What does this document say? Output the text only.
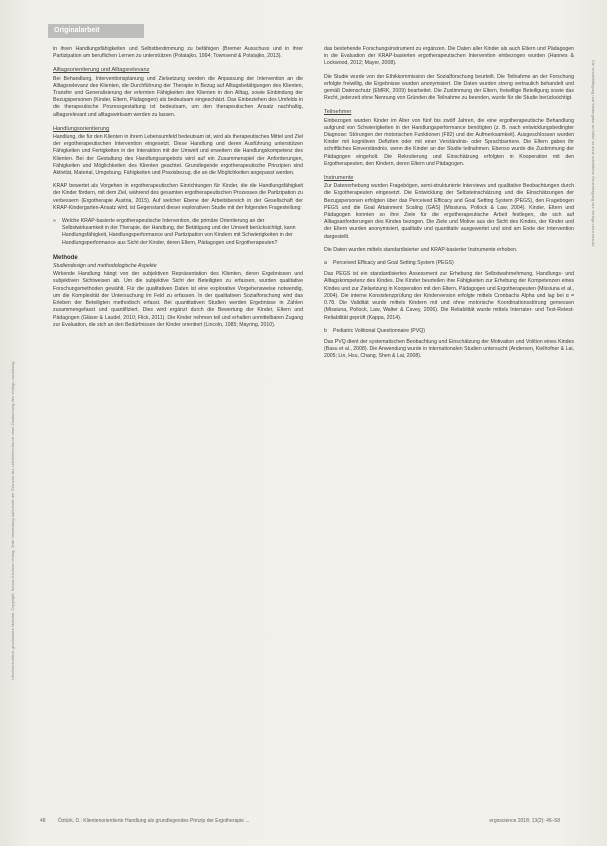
Originalarbeit
Urheberrechtlich geschütztes Material. Copyright: Schulz-Kirchner Verlag. Jede Verwertung außerhalb der Grenzen des Urheberrechts ist ohne Zustimmung des Verlags unzulässig.
Die Vervielfältigung und Weitergabe an Dritte ist ohne schriftliche Genehmigung des Verlags nicht erlaubt.

in ihren Handlungsfähigkeiten und Selbstbestimmung zu befähigen (Bremer Ausschuss und in ihrer Partizipation am beruflichen Lernen zu unterstützen (Polatajko, 1994; Townsend & Polatajko, 2013).

Alltagsorientierung und Alltagsrelevanz

Bei Behandlung, Interventionsplanung und Zielsetzung werden die Anpassung der Intervention an die Alltagsrelevanz des Klienten, die Durchführung der Therapie in Bezug auf Alltagsbetätigungen des Klienten, Transfer und Generalisierung der erlernten Fähigkeiten des Klienten in den Alltag, sowie Einbindung der Bezugspersonen (Kinder, Eltern, Pädagogen) als bedeutsam eingeschätzt. Das Einbeziehen des Umfelds in die therapeutische Prozessgestaltung ist bedeutsam, um den therapeutischen Ansatz nachhaltig, alltagsrelevant und alltagswirksam werden zu lassen.

Handlungsorientierung

Handlung, die für den Klienten in ihrem Lebensumfeld bedeutsam ist, wird als therapeutisches Mittel und Ziel der ergotherapeutischen Intervention eingesetzt. Diese Handlung und deren Ausführung unterstützen Fähigkeiten und Fertigkeiten in der Interaktion mit der Umwelt und erweitern die Handlungskompetenz des Klienten. Bei der Gestaltung des Handlungsangebots wird auf ein Zusammenspiel der Anforderungen, Fähigkeiten und Möglichkeiten des Klienten geachtet. Grundlegende ergotherapeutische Prinzipien sind Aktivität, Material, Umgebung, Fähigkeiten und Praxisbezug, die an die Möglichkeiten angepasst werden.

KRAP bewertet als Vorgehen in ergotherapeutischen Einrichtungen für Kinder, die die Handlungsfähigkeit der Kinder fördern, mit dem Ziel, während des gesamten ergotherapeutischen Prozesses die Partizipation zu verbessern (Ergotherapie Austria, 2015). Auf welcher Ebene der Arbeitsbereich in der Gesellschaft der KRAP-Kindergarten-Ansatz wird, ist Gegenstand dieser explorativen Studie mit der folgenden Fragestellung:

»	Welche KRAP-basierte ergotherapeutische Intervention, die primäre Orientierung an der Selbstwirksamkeit in der Therapie, der Handlung, der Betätigung und der Umwelt berücksichtigt, kann Handlungsfähigkeit, Handlungsperformance und Partizipation von Kindern mit Schwierigkeiten in der Handlungsperformance aus Sicht der Kinder, deren Eltern, Pädagogen und Ergotherapeuten?
Methode
Studiendesign und methodologische Aspekte

Wirkende Handlung hängt von der subjektiven Repräsentation des Klienten, deren Ergebnissen und subjektiven Sichtweisen ab. Um die subjektive Sicht der Beteiligten zu erfassen, wurden qualitative Forschungsmethoden gewählt. Für die qualitativen Daten ist eine explorative Vorgehensweise notwendig, um die Komplexität der Untersuchung im Feld zu erfassen. In der qualitativen Sozialforschung wird das Erleben der Beteiligten methodisch erfasst. Bei quantitativen Studien werden Ergebnisse in Zahlen zusammengefasst und quantifiziert. Dies wird ergänzt durch die Bewertung der Kinder, Eltern und Pädagogen (Gläser & Laudel, 2010; Flick, 2011). Die Kinder nehmen teil und erhalten unmittelbaren Zugang zur Evaluation, die sich an den Bedürfnissen der Kinder orientiert (Lincoln, 1985; Mayring, 2010).

das bestehende Forschungsinstrument zu ergänzen. Die Daten aller Kinder als auch Eltern und Pädagogen in die Evaluation der KRAP-basierten ergotherapeutischen Intervention einbezogen wurden (Hannes & Lockwood, 2012; Mayer, 2008).

Die Studie wurde von der Ethikkommission der Sozialforschung beurteilt. Die Teilnahme an der Forschung erfolgte freiwillig, die Ergebnisse wurden anonymisiert. Die Daten wurden streng vertraulich behandelt und gemäß Datenschutz (EMRK, 2009) bearbeitet. Die Zustimmung der Eltern, freiwillige Beteiligung sowie das Recht, jederzeit ohne Nennung von Gründen die Teilnahme zu beenden, wurde für die Studie berücksichtigt.

Teilnehmer

Einbezogen wurden Kinder im Alter von fünf bis zwölf Jahren, die eine ergotherapeutische Behandlung aufgrund von Schwierigkeiten in der Handlungsperformance benötigten (z. B. nach entwicklungsbedingter Diagnose: Störungen der motorischen Funktionen (F82) und der Aufmerksamkeit). Ausgeschlossen wurden Kinder mit kognitiven Defiziten oder mit einer Verständnis- oder Sprachbarriere. Die Eltern gaben ihr schriftliches Einverständnis, wenn die Kinder an der Studie teilnahmen. Ebenso wurde die Zustimmung der Pädagogen eingeholt. Die Rekrutierung und Einschätzung erfolgten in Kooperation mit den Ergotherapeuten, den Kindern, deren Eltern und Pädagogen.

Instrumente

Zur Datenerhebung wurden Fragebögen, semi-strukturierte Interviews und qualitative Beobachtungen durch die Ergotherapeuten eingesetzt. Die Entwicklung der Selbsteinschätzung und die Einschätzungen der Bezugspersonen erfolgten über das Perceived Efficacy and Goal Setting System (PEGS), den Fragebogen PEGS und die Goal Attainment Scaling (GAS) (Missiuna, Pollock & Law, 2004). Kinder, Eltern und Pädagogen konnten so ihre Ziele für die ergotherapeutische Arbeit festlegen, die sich auf Alltagsanforderungen des Kindes bezogen. Die Ziele und Motive aus der Sicht des Kindes, der Kinder und der Eltern wurden anonymisiert, qualitativ und quantitativ ausgewertet und sind am Ende der Intervention dargestellt.

Die Daten wurden mittels standardisierter und KRAP-basierter Instrumente erhoben.

a	Perceived Efficacy and Goal Setting System (PEGS)

Das PEGS ist ein standardisiertes Assessment zur Erhebung der Selbstwahrnehmung, Handlungs- und Alltagskompetenz des Kindes. Die Kinder beurteilen ihre Fähigkeiten zur Erhebung der Kompetenzen eines Kindes und zur Zielsetzung in Kooperation mit den Eltern, Pädagogen und Ergotherapeuten (Missiuna et al., 2004). Die interne Konsistenzprüfung der Kinderversion erfolgte mittels Cronbachs Alpha und lag bei α = 0.78. Die Validität wurde mittels Kindern mit und ohne motorische Koordinationsstörung gemessen (Missiuna, Pollock, Law, Walter & Cavey, 2006). Die Reliabilität wurde mittels Interrater- und Test-Retest-Reliabilität geprüft (Kappa, 2014).

b	Pediatric Volitional Questionnaire (PVQ)

Das PVQ dient der systematischen Beobachtung und Einschätzung der Motivation und Volition eines Kindes (Basu et al., 2008). Die Anwendung wurde in internationalen Studien untersucht (Andersen, Kielhofner & Lai, 2005; Lin, Hsu, Chang, Shen & Lai, 2008).

48 Öztürk, D.: Klientenorientierte Handlung als grundlegendes Prinzip der Ergotherapie ...	ergoscience 2018; 13(2): 46–58
